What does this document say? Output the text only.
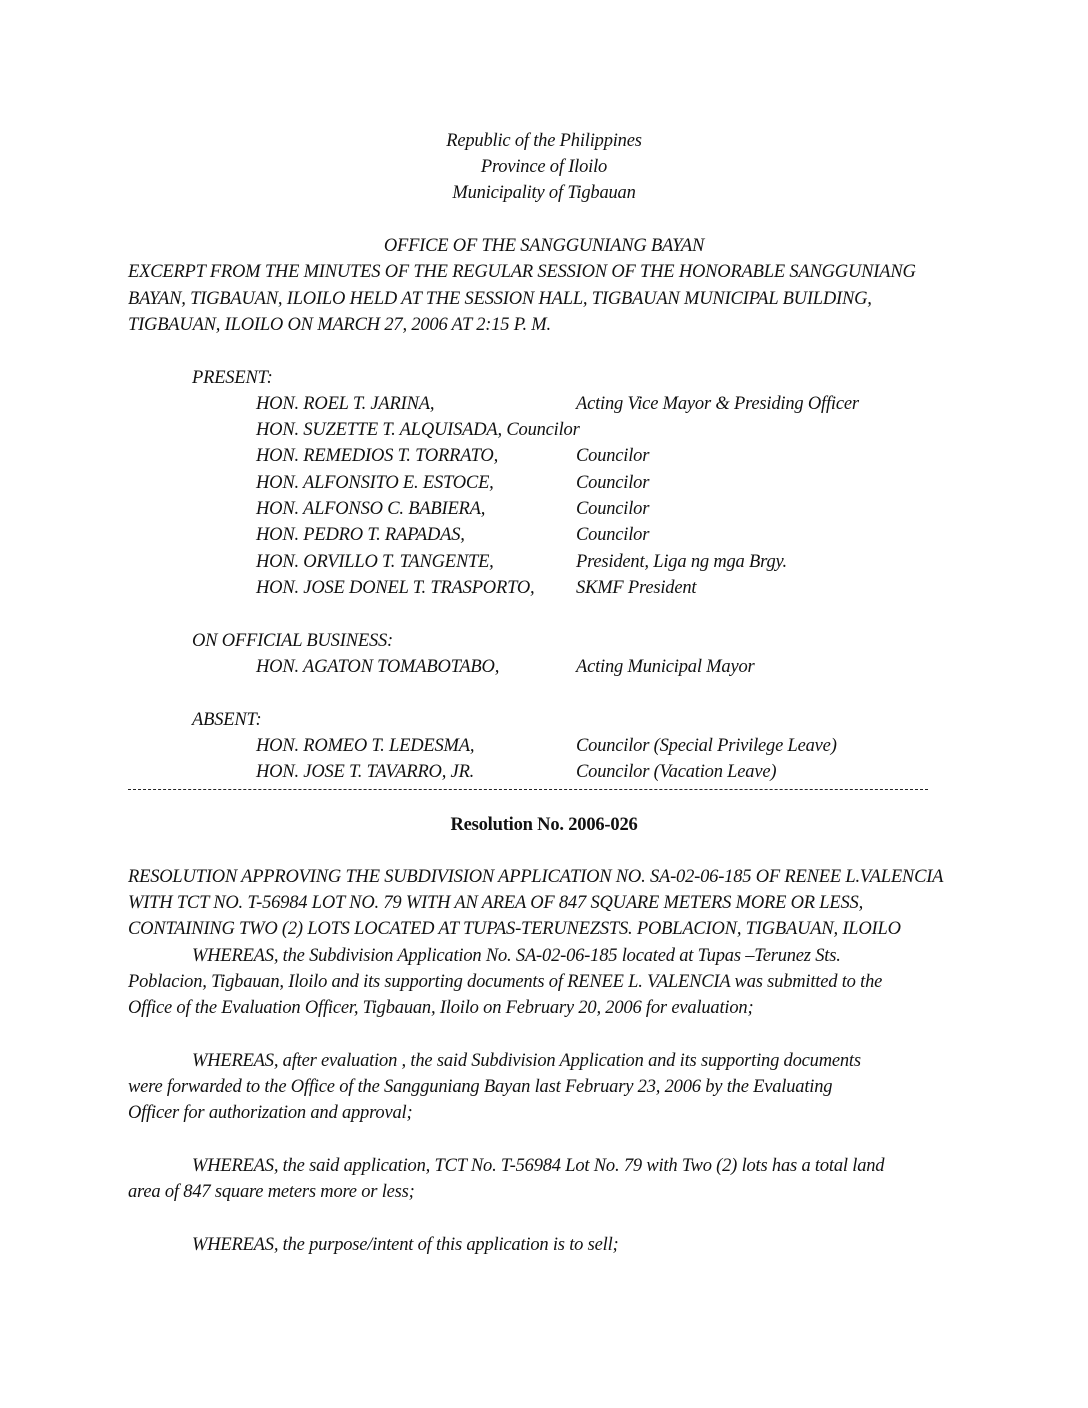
Republic of the Philippines
Province of Iloilo
Municipality of Tigbauan
OFFICE OF THE SANGGUNIANG BAYAN
EXCERPT FROM THE MINUTES OF THE REGULAR SESSION OF THE HONORABLE SANGGUNIANG
BAYAN, TIGBAUAN, ILOILO HELD AT THE SESSION HALL, TIGBAUAN MUNICIPAL BUILDING,
TIGBAUAN, ILOILO ON MARCH 27, 2006 AT 2:15 P. M.
PRESENT:
HON. ROEL T. JARINA,	Acting Vice Mayor & Presiding Officer
HON. SUZETTE T. ALQUISADA, Councilor
HON. REMEDIOS T. TORRATO,	Councilor
HON. ALFONSITO E. ESTOCE,	Councilor
HON. ALFONSO C. BABIERA,	Councilor
HON. PEDRO T. RAPADAS,	Councilor
HON. ORVILLO T. TANGENTE,	President, Liga ng mga Brgy.
HON. JOSE DONEL T. TRASPORTO, SKMF President
ON OFFICIAL BUSINESS:
HON. AGATON TOMABOTABO,	Acting Municipal Mayor
ABSENT:
HON. ROMEO T. LEDESMA,	Councilor (Special Privilege Leave)
HON. JOSE T. TAVARRO, JR.	Councilor (Vacation Leave)
Resolution No. 2006-026
RESOLUTION APPROVING THE SUBDIVISION APPLICATION NO. SA-02-06-185 OF RENEE L.VALENCIA
WITH TCT NO. T-56984 LOT NO. 79 WITH AN AREA OF 847 SQUARE METERS MORE OR LESS,
CONTAINING TWO (2) LOTS LOCATED AT TUPAS-TERUNEZSTS. POBLACION, TIGBAUAN, ILOILO
WHEREAS, the Subdivision Application No. SA-02-06-185 located at Tupas –Terunez Sts.
Poblacion, Tigbauan, Iloilo and its supporting documents of RENEE L. VALENCIA was submitted to the
Office of the Evaluation Officer, Tigbauan, Iloilo on February 20, 2006 for evaluation;
WHEREAS, after evaluation , the said Subdivision Application and its supporting documents
were forwarded to the Office of the Sangguniang Bayan last February 23, 2006 by the Evaluating
Officer for authorization and approval;
WHEREAS, the said application, TCT No. T-56984 Lot No. 79 with Two (2) lots has a total land
area of 847 square meters more or less;
WHEREAS, the purpose/intent of this application is to sell;
